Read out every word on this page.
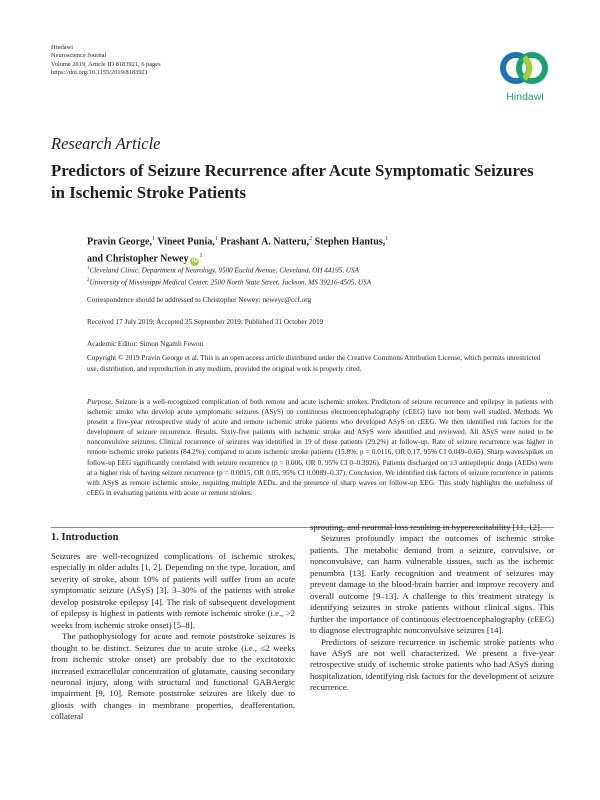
Hindawi
Neuroscience Journal
Volume 2019, Article ID 8183921, 6 pages
https://doi.org/10.1155/2019/8183921
Hindawi
Research Article
Predictors of Seizure Recurrence after Acute Symptomatic Seizures in Ischemic Stroke Patients
Pravin George,$^1$ Vineet Punia,$^1$ Prashant A. Natteru,$^2$ Stephen Hantus,$^1$
and Christopher Newey $iD^1$
$^1$Cleveland Clinic, Department of Neurology, 9500 Euclid Avenue, Cleveland, OH 44195, USA
$^2$University of Mississippi Medical Center, 2500 North State Street, Jackson, MS 39216-4505, USA
Correspondence should be addressed to Christopher Newey; neweyc@ccf.org
Received 17 July 2019; Accepted 25 September 2019; Published 31 October 2019
Academic Editor: Simon Ngamli Fewou
Copyright © 2019 Pravin George et al. This is an open access article distributed under the Creative Commons Attribution License, which permits unrestricted use, distribution, and reproduction in any medium, provided the original work is properly cited.
Purpose. Seizure is a well-recognized complication of both remote and acute ischemic strokes. Predictors of seizure recurrence and epilepsy in patients with ischemic stroke who develop acute symptomatic seizures (ASyS) on continuous electroencephalography (cEEG) have not been well studied. Methods. We present a five-year retrospective study of acute and remote ischemic stroke patients who developed ASyS on cEEG. We then identified risk factors for the development of seizure recurrence. Results. Sixty-five patients with ischemic stroke and ASyS were identified and reviewed. All ASyS were noted to be nonconvulsive seizures. Clinical recurrence of seizures was identified in 19 of these patients (29.2%) at follow-up. Rate of seizure recurrence was higher in remote ischemic stroke patients (84.2%), compared to acute ischemic stroke patients (15.8%, p = 0.0116, OR 0.17, 95% CI 0.049–0.65). Sharp waves/spikes on follow-up EEG significantly correlated with seizure recurrence (p = 0.006, OR 0, 95% CI 0–0.3926). Patients discharged on ≥3 antiepileptic drugs (AEDs) were at a higher risk of having seizure recurrence (p = 0.0015, OR 0.05, 95% CI 0.0089–0.37). Conclusion. We identified risk factors of seizure recurrence in patients with ASyS as remote ischemic stroke, requiring multiple AEDs, and the presence of sharp waves on follow-up EEG. This study highlights the usefulness of cEEG in evaluating patients with acute or remote strokes.
1. Introduction

Seizures are well-recognized complications of ischemic strokes, especially in older adults [1, 2]. Depending on the type, location, and severity of stroke, about 10% of patients will suffer from an acute symptomatic seizure (ASyS) [3]. 3–30% of the patients with stroke develop poststroke epilepsy [4]. The risk of subsequent development of epilepsy is highest in patients with remote ischemic stroke (i.e., >2 weeks from ischemic stroke onset) [5–8].

The pathophysiology for acute and remote poststroke seizures is thought to be distinct. Seizures due to acute stroke (i.e., ≤2 weeks from ischemic stroke onset) are probably due to the excitotoxic increased extracellular concentration of glutamate, causing secondary neuronal injury, along with structural and functional GABAergic impairment [9, 10]. Remote poststroke seizures are likely due to gliosis with changes in membrane properties, deafferentation, collateral

sprouting, and neuronal loss resulting in hyperexcitability [11, 12].

Seizures profoundly impact the outcomes of ischemic stroke patients. The metabolic demand from a seizure, convulsive, or nonconvulsive, can harm vulnerable tissues, such as the ischemic penumbra [13]. Early recognition and treatment of seizures may prevent damage to the blood-brain barrier and improve recovery and overall outcome [9–13]. A challenge to this treatment strategy is identifying seizures in stroke patients without clinical signs. This further the importance of continuous electroencephalography (cEEG) to diagnose electrographic nonconvulsive seizures [14].

Predictors of seizure recurrence in ischemic stroke patients who have ASyS are not well characterized. We present a five-year retrospective study of ischemic stroke patients who had ASyS during hospitalization, identifying risk factors for the development of seizure recurrence.
